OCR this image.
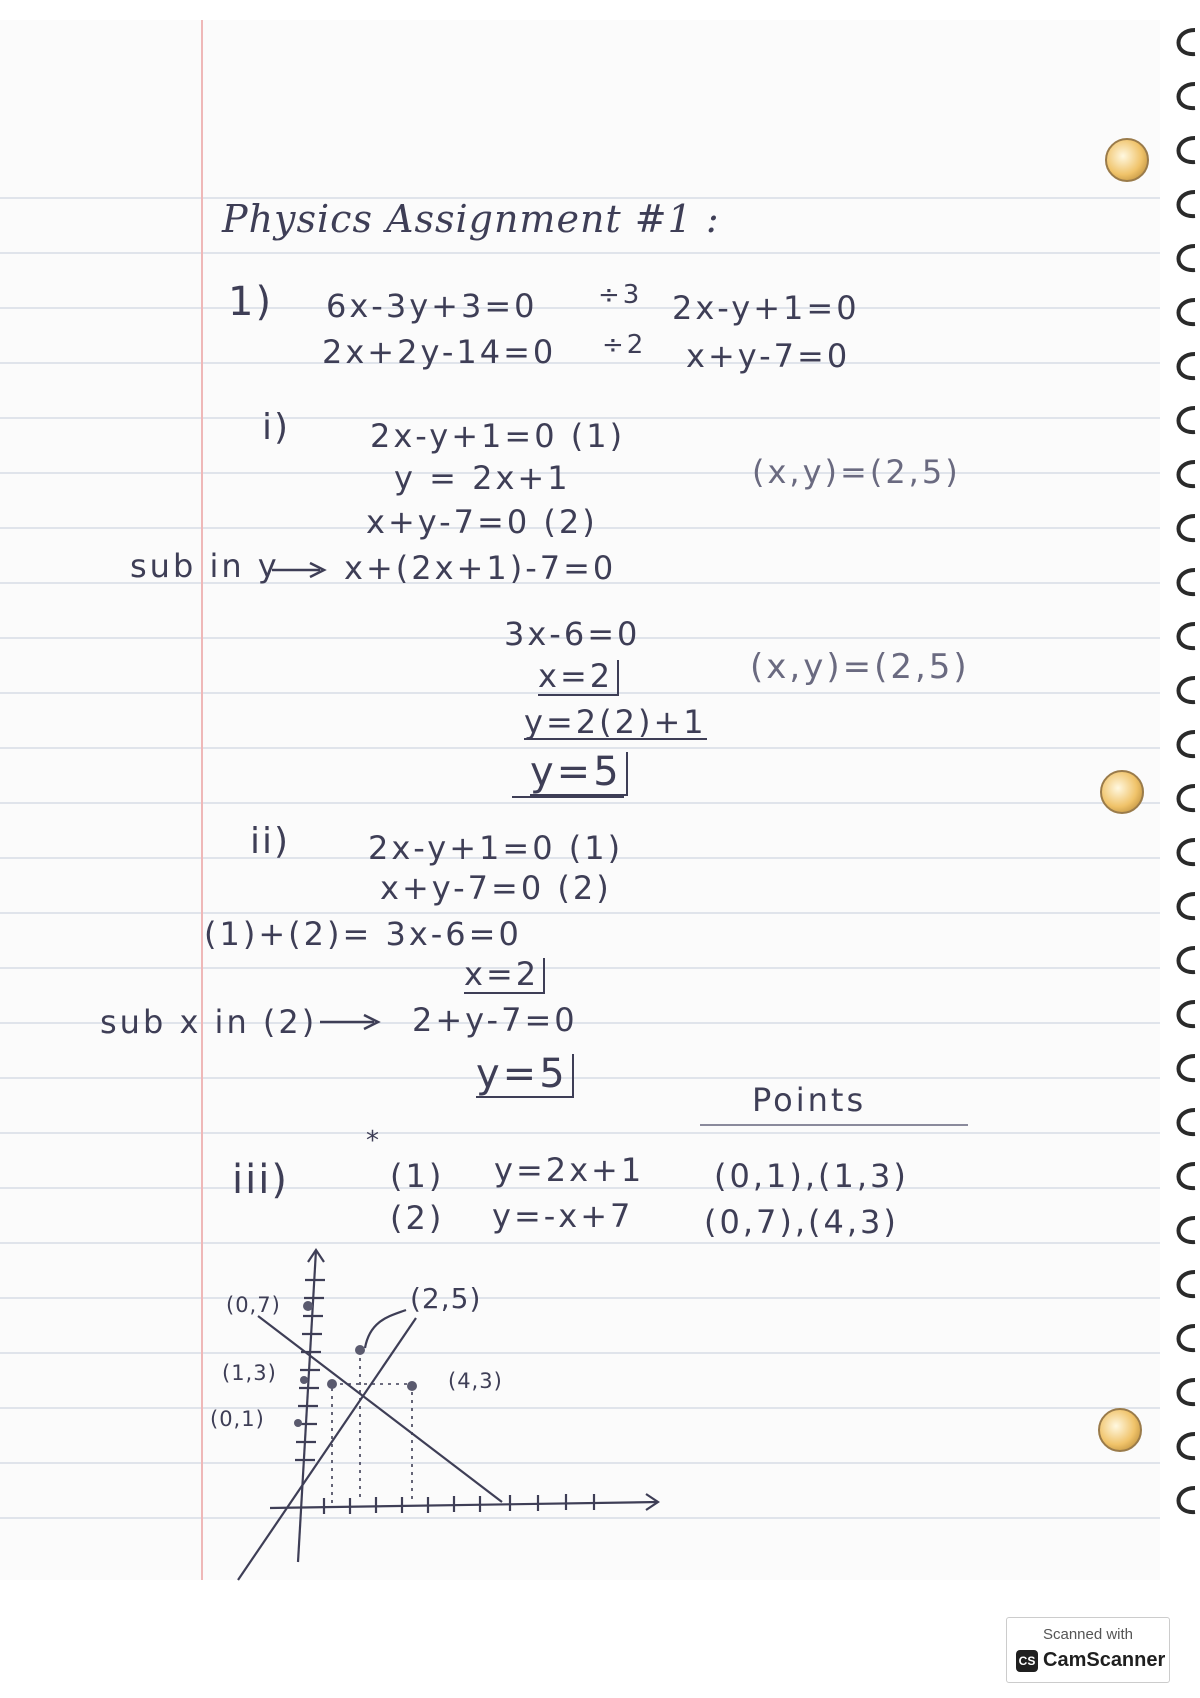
Physics Assignment #1 :
1) 6x-3y+3=0 ÷3 2x-y+1=0
2x+2y-14=0 ÷2 x+y-7=0
i) 2x-y+1=0 (1)
y = 2x+1	(x,y)=(2,5)
x+y-7=0 (2)
sub in y x+(2x+1)-7=0
3x-6=0
x=2	(x,y)=(2,5)
y=2(2)+1
y=5
ii) 2x-y+1=0 (1)
x+y-7=0 (2)
(1)+(2)= 3x-6=0
x=2
sub x in (2)	2+y-7=0
y=5
Points
*
iii)	(1) y=2x+1 (0,1),(1,3)
(2) y=-x+7 (0,7),(4,3)
(0,7)
(1,3)
(0,1)
(2,5)
(4,3)
Scanned with
CS CamScanner
